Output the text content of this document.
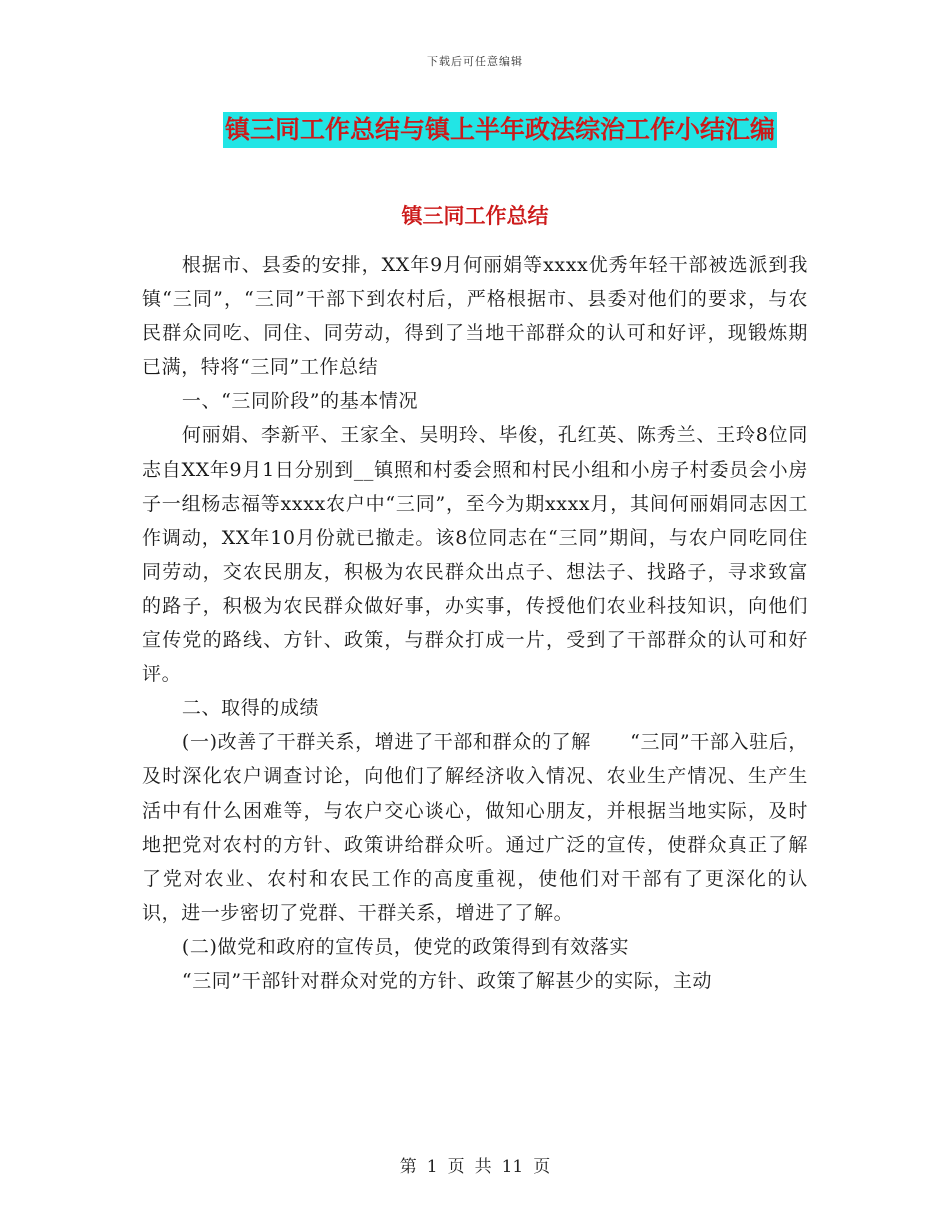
下载后可任意编辑
镇三同工作总结与镇上半年政法综治工作小结汇编
镇三同工作总结

根据市、县委的安排，XX年9月何丽娟等xxxx优秀年轻干部被选派到我镇“三同”，“三同”干部下到农村后，严格根据市、县委对他们的要求，与农民群众同吃、同住、同劳动，得到了当地干部群众的认可和好评，现锻炼期已满，特将“三同”工作总结

一、“三同阶段”的基本情况

何丽娟、李新平、王家全、吴明玲、毕俊，孔红英、陈秀兰、王玲8位同志自XX年9月1日分别到__镇照和村委会照和村民小组和小房子村委员会小房子一组杨志福等xxxx农户中“三同”，至今为期xxxx月，其间何丽娟同志因工作调动，XX年10月份就已撤走。该8位同志在“三同”期间，与农户同吃同住同劳动，交农民朋友，积极为农民群众出点子、想法子、找路子，寻求致富的路子，积极为农民群众做好事，办实事，传授他们农业科技知识，向他们宣传党的路线、方针、政策，与群众打成一片，受到了干部群众的认可和好评。

二、取得的成绩

(一)改善了干群关系，增进了干部和群众的了解　　“三同”干部入驻后，及时深化农户调查讨论，向他们了解经济收入情况、农业生产情况、生产生活中有什么困难等，与农户交心谈心，做知心朋友，并根据当地实际，及时地把党对农村的方针、政策讲给群众听。通过广泛的宣传，使群众真正了解了党对农业、农村和农民工作的高度重视，使他们对干部有了更深化的认识，进一步密切了党群、干群关系，增进了了解。

(二)做党和政府的宣传员，使党的政策得到有效落实

“三同”干部针对群众对党的方针、政策了解甚少的实际，主动

第 1 页 共 11 页
